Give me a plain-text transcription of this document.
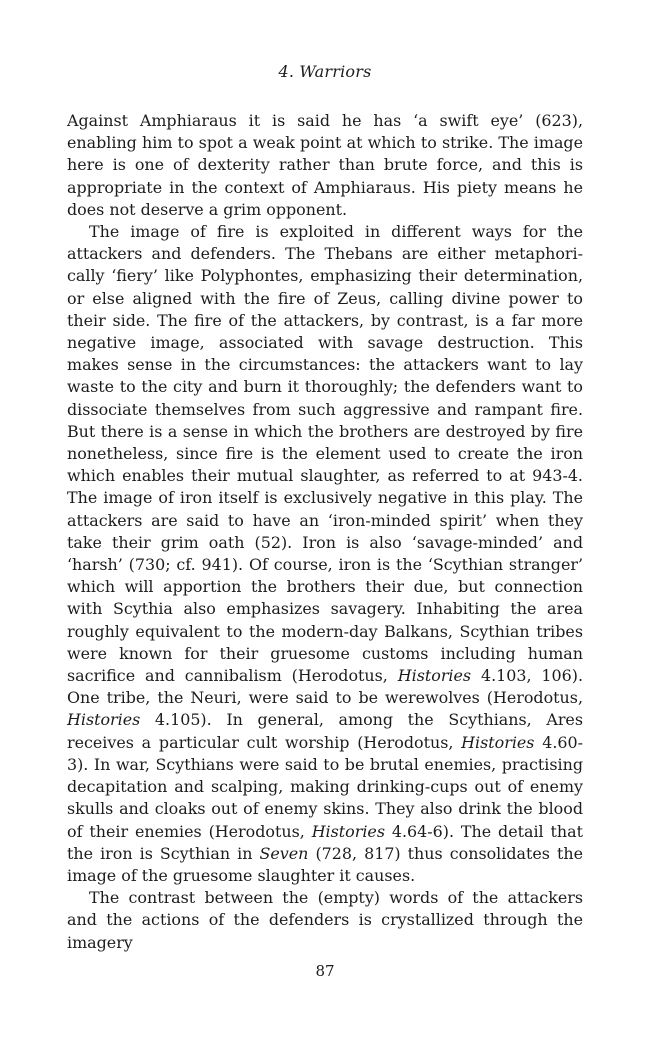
4. Warriors

Against Amphiaraus it is said he has ‘a swift eye’ (623), enabling him to spot a weak point at which to strike. The image here is one of dexterity rather than brute force, and this is appropriate in the context of Amphiaraus. His piety means he does not deserve a grim opponent.

The image of fire is exploited in different ways for the attackers and defenders. The Thebans are either metaphorically ‘fiery’ like Polyphontes, emphasizing their determination, or else aligned with the fire of Zeus, calling divine power to their side. The fire of the attackers, by contrast, is a far more negative image, associated with savage destruction. This makes sense in the circumstances: the attackers want to lay waste to the city and burn it thoroughly; the defenders want to dissociate themselves from such aggressive and rampant fire. But there is a sense in which the brothers are destroyed by fire nonetheless, since fire is the element used to create the iron which enables their mutual slaughter, as referred to at 943-4. The image of iron itself is exclusively negative in this play. The attackers are said to have an ‘iron-minded spirit’ when they take their grim oath (52). Iron is also ‘savage-minded’ and ‘harsh’ (730; cf. 941). Of course, iron is the ‘Scythian stranger’ which will apportion the brothers their due, but connection with Scythia also emphasizes savagery. Inhabiting the area roughly equivalent to the modern-day Balkans, Scythian tribes were known for their gruesome customs including human sacrifice and cannibalism (Herodotus, Histories 4.103, 106). One tribe, the Neuri, were said to be werewolves (Herodotus, Histories 4.105). In general, among the Scythians, Ares receives a particular cult worship (Herodotus, Histories 4.60-3). In war, Scythians were said to be brutal enemies, practising decapitation and scalping, making drinking-cups out of enemy skulls and cloaks out of enemy skins. They also drink the blood of their enemies (Herodotus, Histories 4.64-6). The detail that the iron is Scythian in Seven (728, 817) thus consolidates the image of the gruesome slaughter it causes.

The contrast between the (empty) words of the attackers and the actions of the defenders is crystallized through the imagery

87
